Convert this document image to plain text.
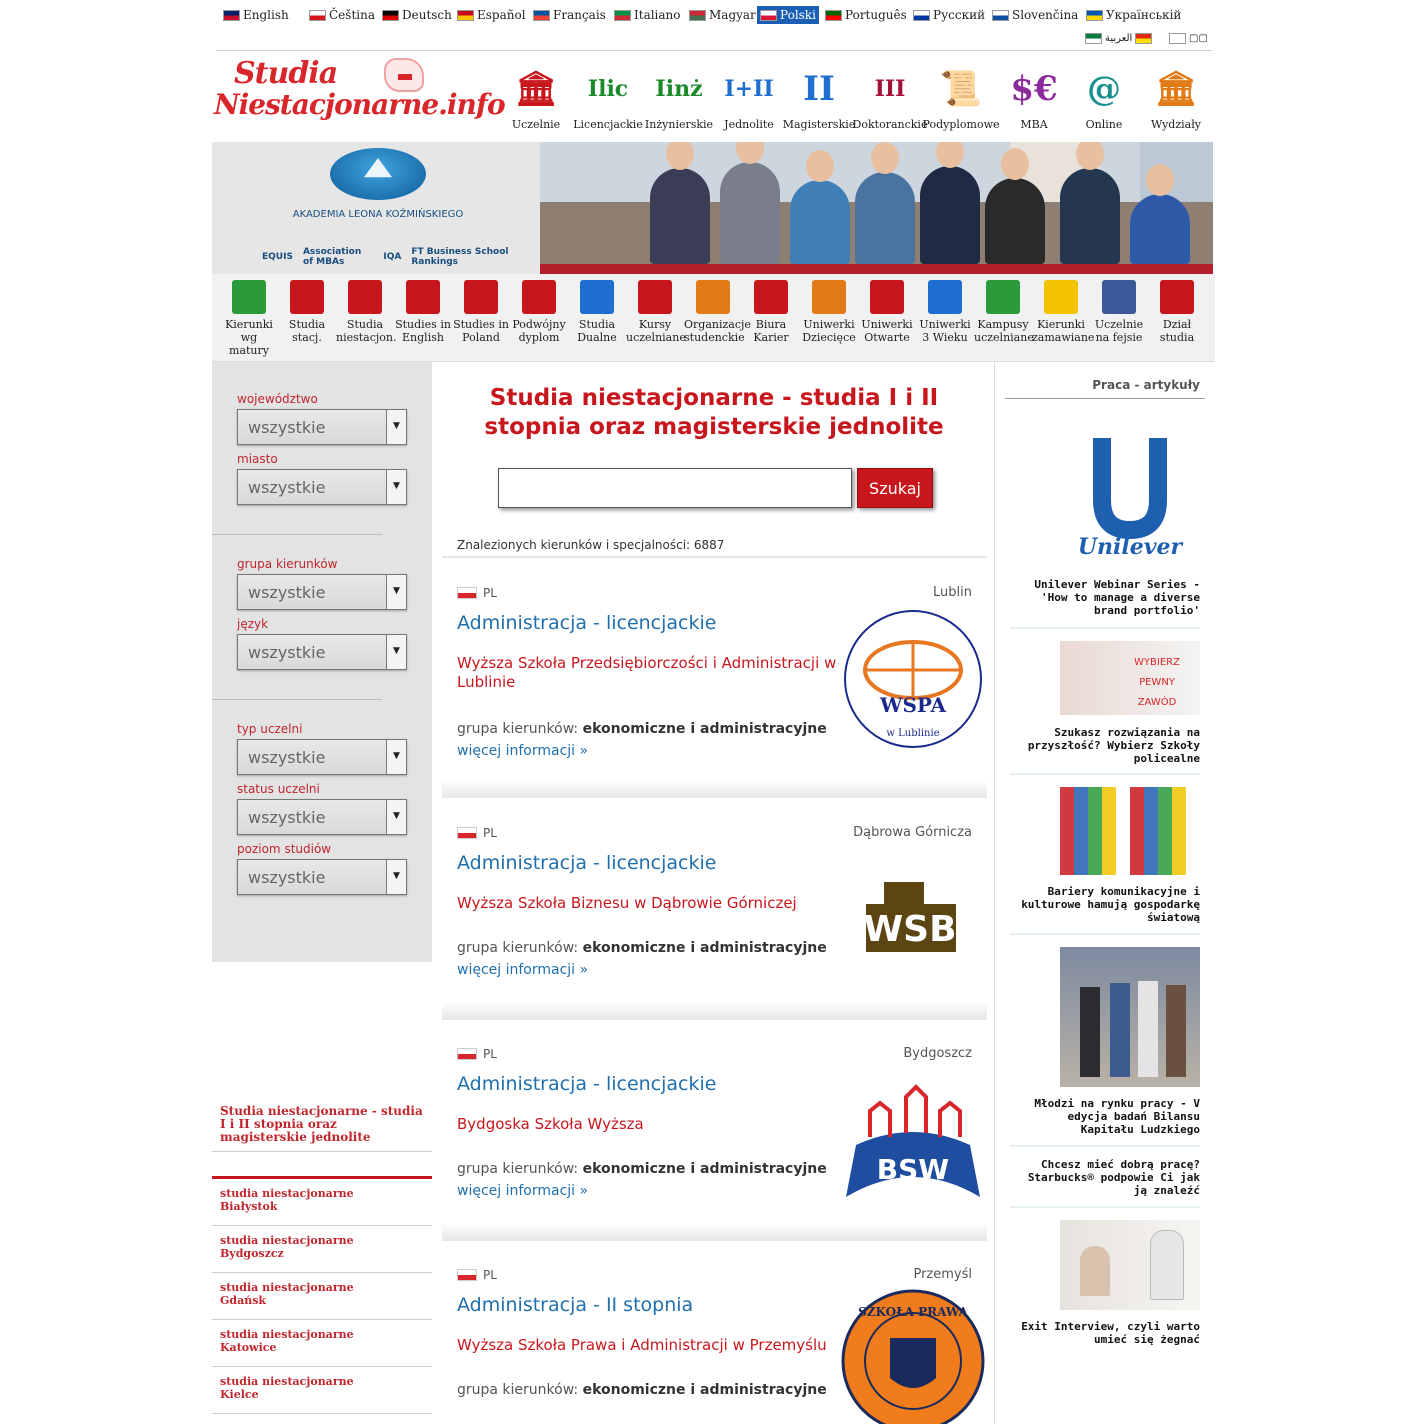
English	Čeština Deutsch Español Français Italiano Magyar Polski Português Русский Slovenčina Українській
العربية	▢▢
Studia
Niestacjonarne.info 🏛
Uczelnie
Ilic
Licencjackie
Iinż
Inżynierskie
I+II
Jednolite
II
Magisterskie
III
Doktoranckie
📜
Podyplomowe
$€
MBA
@
Online
🏛
Wydziały
AKADEMIA LEONA KOŹMIŃSKIEGO
EQUIS Association of MBAs	IQA FT Business School Rankings
Kierunki wg matury
Studia stacj.
Studia niestacjon.
Studies in English
Studies in Poland
Podwójny dyplom
Studia Dualne
Kursy uczelniane
Organizacje studenckie
Biura Karier
Uniwerki Dziecięce
Uniwerki Otwarte
Uniwerki 3 Wieku
Kampusy uczelniane
Kierunki zamawiane
Uczelnie na fejsie
Dział studia
województwo
wszystkie	▼
miasto
wszystkie	▼
grupa kierunków
wszystkie	▼
język
wszystkie	▼
typ uczelni
wszystkie	▼
status uczelni
wszystkie	▼
poziom studiów
wszystkie	▼
Studia niestacjonarne - studia I i II stopnia oraz magisterskie jednolite
studia niestacjonarne Białystok
studia niestacjonarne Bydgoszcz
studia niestacjonarne Gdańsk
studia niestacjonarne Katowice
studia niestacjonarne Kielce
Studia niestacjonarne - studia I i II stopnia oraz magisterskie jednolite
Szukaj
Znalezionych kierunków i specjalności: 6887
PL	Lublin
Administracja - licencjackie
Wyższa Szkoła Przedsiębiorczości i Administracji w Lublinie
grupa kierunków: ekonomiczne i administracyjne
więcej informacji »
WSPA
w Lublinie
PL	Dąbrowa Górnicza
Administracja - licencjackie
Wyższa Szkoła Biznesu w Dąbrowie Górniczej
grupa kierunków: ekonomiczne i administracyjne
więcej informacji »
WSB
PL	Bydgoszcz
Administracja - licencjackie
Bydgoska Szkoła Wyższa
grupa kierunków: ekonomiczne i administracyjne
więcej informacji »
BSW
PL	Przemyśl
Administracja - II stopnia
Wyższa Szkoła Prawa i Administracji w Przemyślu
grupa kierunków: ekonomiczne i administracyjne
SZKOŁA PRAWA
Praca - artykuły
Unilever
Unilever Webinar Series - 'How to manage a diverse brand portfolio'
WYBIERZ PEWNY ZAWÓD
Szukasz rozwiązania na przyszłość? Wybierz Szkoły policealne
Bariery komunikacyjne i kulturowe hamują gospodarkę światową
Młodzi na rynku pracy - V edycja badań Bilansu Kapitału Ludzkiego
Chcesz mieć dobrą pracę? Starbucks® podpowie Ci jak ją znaleźć
Exit Interview, czyli warto umieć się żegnać
